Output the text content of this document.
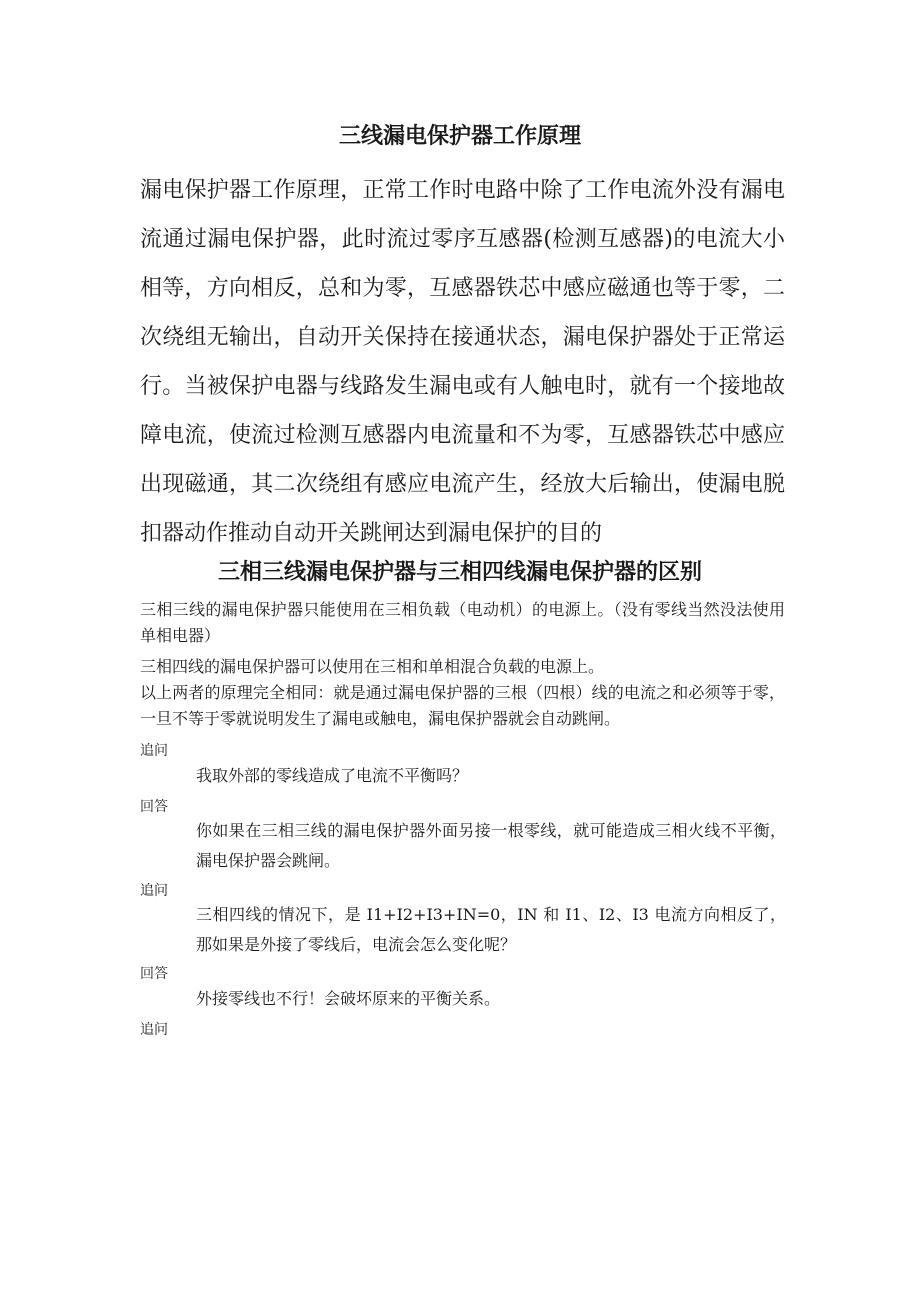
三线漏电保护器工作原理

漏电保护器工作原理，正常工作时电路中除了工作电流外没有漏电流通过漏电保护器，此时流过零序互感器(检测互感器)的电流大小相等，方向相反，总和为零，互感器铁芯中感应磁通也等于零，二次绕组无输出，自动开关保持在接通状态，漏电保护器处于正常运行。当被保护电器与线路发生漏电或有人触电时，就有一个接地故障电流，使流过检测互感器内电流量和不为零，互感器铁芯中感应出现磁通，其二次绕组有感应电流产生，经放大后输出，使漏电脱扣器动作推动自动开关跳闸达到漏电保护的目的

三相三线漏电保护器与三相四线漏电保护器的区别

三相三线的漏电保护器只能使用在三相负载（电动机）的电源上。（没有零线当然没法使用单相电器）

三相四线的漏电保护器可以使用在三相和单相混合负载的电源上。

以上两者的原理完全相同：就是通过漏电保护器的三根（四根）线的电流之和必须等于零，一旦不等于零就说明发生了漏电或触电，漏电保护器就会自动跳闸。

追问

我取外部的零线造成了电流不平衡吗？

回答

你如果在三相三线的漏电保护器外面另接一根零线，就可能造成三相火线不平衡，漏电保护器会跳闸。

追问

三相四线的情况下，是 I1+I2+I3+IN=0，IN 和 I1、I2、I3 电流方向相反了，那如果是外接了零线后，电流会怎么变化呢？

回答

外接零线也不行！会破坏原来的平衡关系。

追问
